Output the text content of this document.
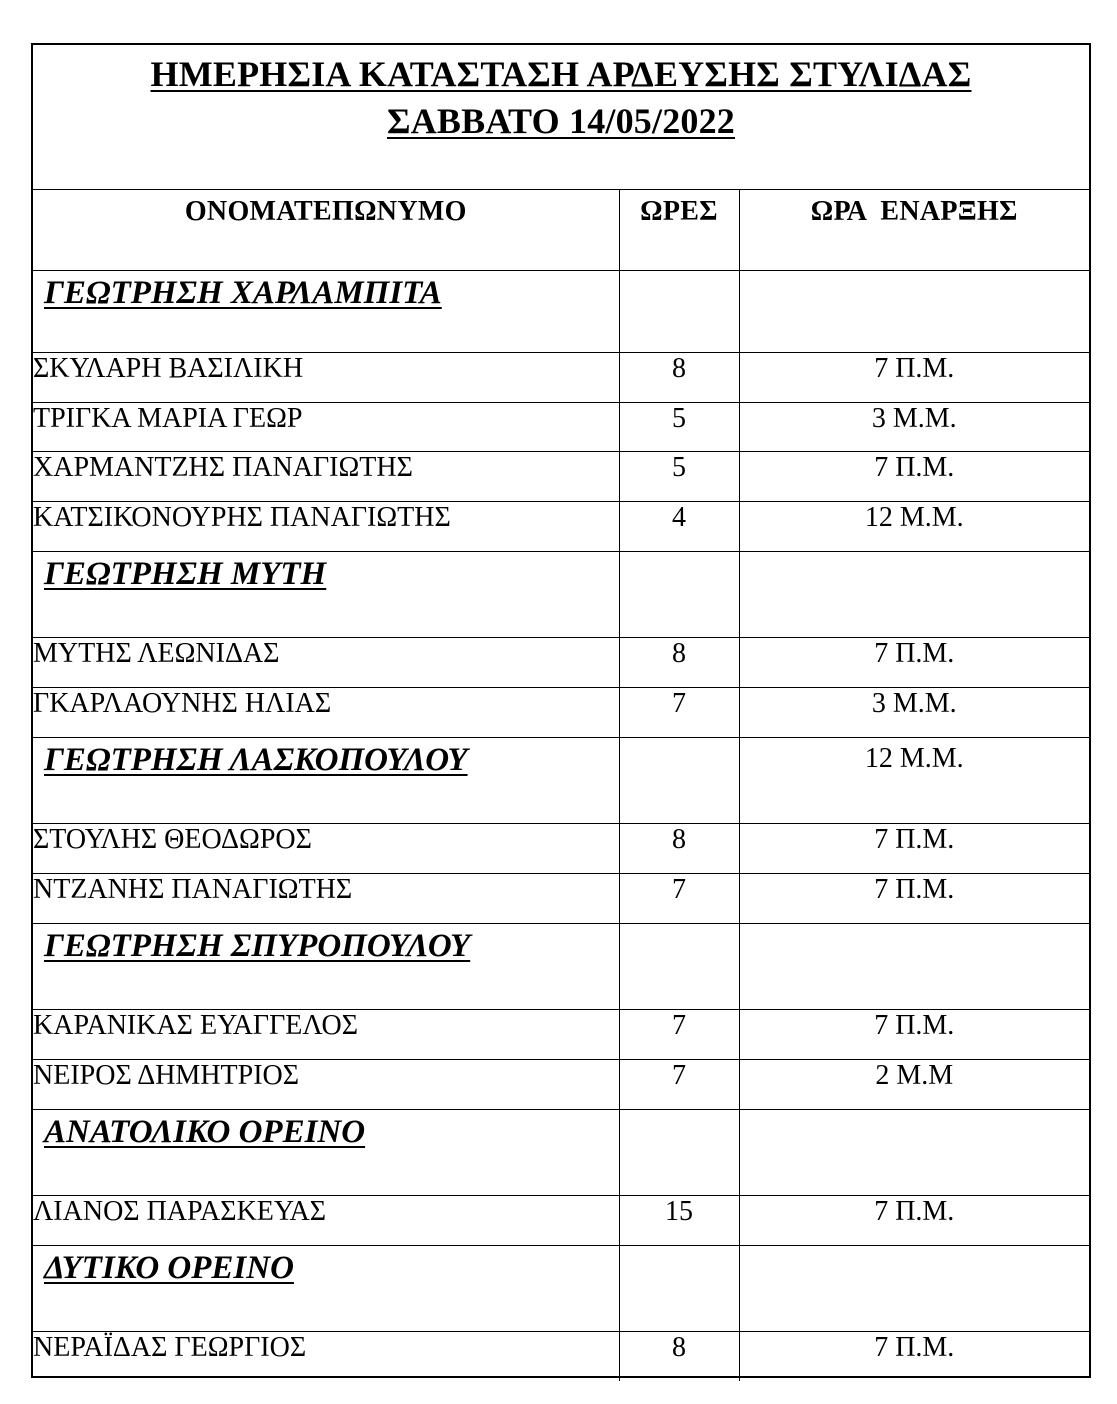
ΗΜΕΡΗΣΙΑ ΚΑΤΑΣΤΑΣΗ ΑΡΔΕΥΣΗΣ ΣΤΥΛΙΔΑΣ
ΣΑΒΒΑΤΟ 14/05/2022
ΟΝΟΜΑΤΕΠΩΝΥΜΟ	ΩΡΕΣ	ΩΡΑ  ΕΝΑΡΞΗΣ
ΓΕΩΤΡΗΣΗ ΧΑΡΛΑΜΠΙΤΑ		
ΣΚΥΛΑΡΗ ΒΑΣΙΛΙΚΗ	8	7 Π.Μ.
ΤΡΙΓΚΑ ΜΑΡΙΑ ΓΕΩΡ	5	3 Μ.Μ.
ΧΑΡΜΑΝΤΖΗΣ ΠΑΝΑΓΙΩΤΗΣ	5	7 Π.Μ.
ΚΑΤΣΙΚΟΝΟΥΡΗΣ ΠΑΝΑΓΙΩΤΗΣ	4	12 Μ.Μ.
ΓΕΩΤΡΗΣΗ ΜΥΤΗ		
ΜΥΤΗΣ ΛΕΩΝΙΔΑΣ	8	7 Π.Μ.
ΓΚΑΡΛΑΟΥΝΗΣ ΗΛΙΑΣ	7	3 Μ.Μ.
ΓΕΩΤΡΗΣΗ ΛΑΣΚΟΠΟΥΛΟΥ		12 Μ.Μ.
ΣΤΟΥΛΗΣ ΘΕΟΔΩΡΟΣ	8	7 Π.Μ.
ΝΤΖΑΝΗΣ ΠΑΝΑΓΙΩΤΗΣ	7	7 Π.Μ.
ΓΕΩΤΡΗΣΗ ΣΠΥΡΟΠΟΥΛΟΥ		
ΚΑΡΑΝΙΚΑΣ ΕΥΑΓΓΕΛΟΣ	7	7 Π.Μ.
ΝΕΙΡΟΣ ΔΗΜΗΤΡΙΟΣ	7	2 Μ.Μ
ΑΝΑΤΟΛΙΚΟ ΟΡΕΙΝΟ		
ΛΙΑΝΟΣ ΠΑΡΑΣΚΕΥΑΣ	15	7 Π.Μ.
ΔΥΤΙΚΟ ΟΡΕΙΝΟ		
ΝΕΡΑΪΔΑΣ ΓΕΩΡΓΙΟΣ	8	7 Π.Μ.
